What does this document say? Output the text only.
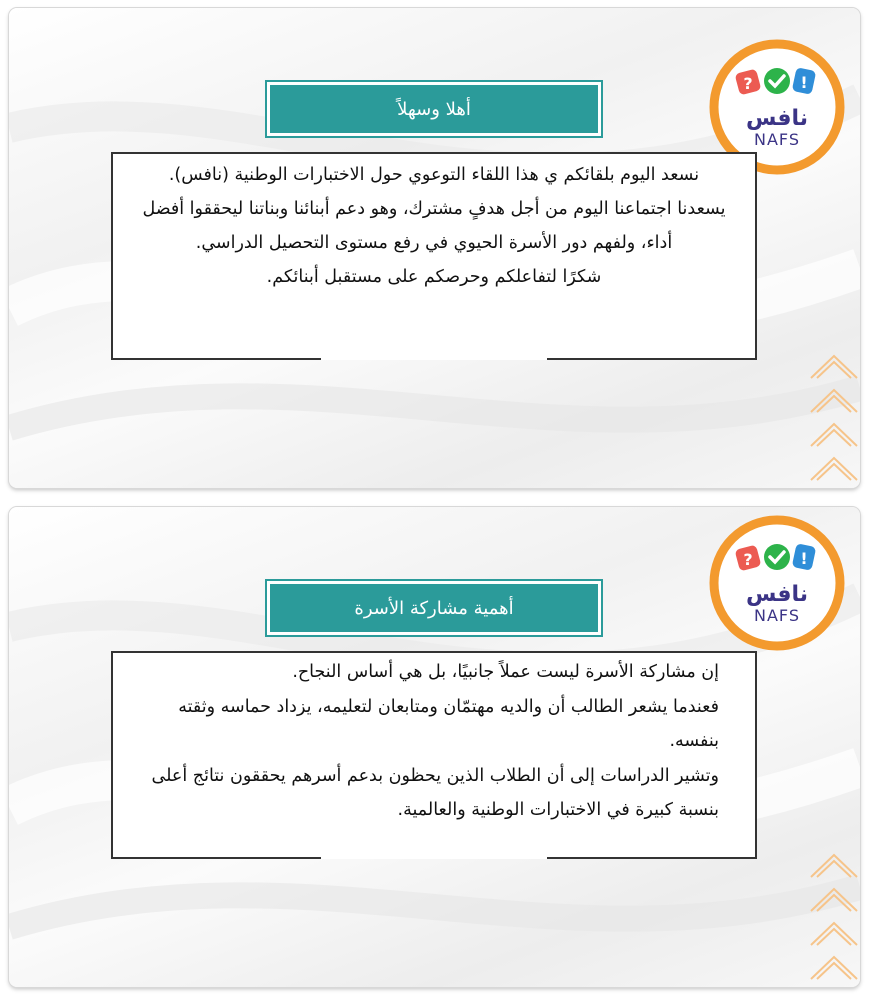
?	!
نافس
NAFS
أهلا وسهلاً
نسعد اليوم بلقائكم ي هذا اللقاء التوعوي حول الاختبارات الوطنية (نافس).
يسعدنا اجتماعنا اليوم من أجل هدفٍ مشترك، وهو دعم أبنائنا وبناتنا ليحققوا أفضل أداء، ولفهم دور الأسرة الحيوي في رفع مستوى التحصيل الدراسي.
شكرًا لتفاعلكم وحرصكم على مستقبل أبنائكم.
?	!
نافس
NAFS
أهمية مشاركة الأسرة
إن مشاركة الأسرة ليست عملاً جانبيًا، بل هي أساس النجاح.
فعندما يشعر الطالب أن والديه مهتمّان ومتابعان لتعليمه، يزداد حماسه وثقته بنفسه.
وتشير الدراسات إلى أن الطلاب الذين يحظون بدعم أسرهم يحققون نتائج أعلى بنسبة كبيرة في الاختبارات الوطنية والعالمية.
